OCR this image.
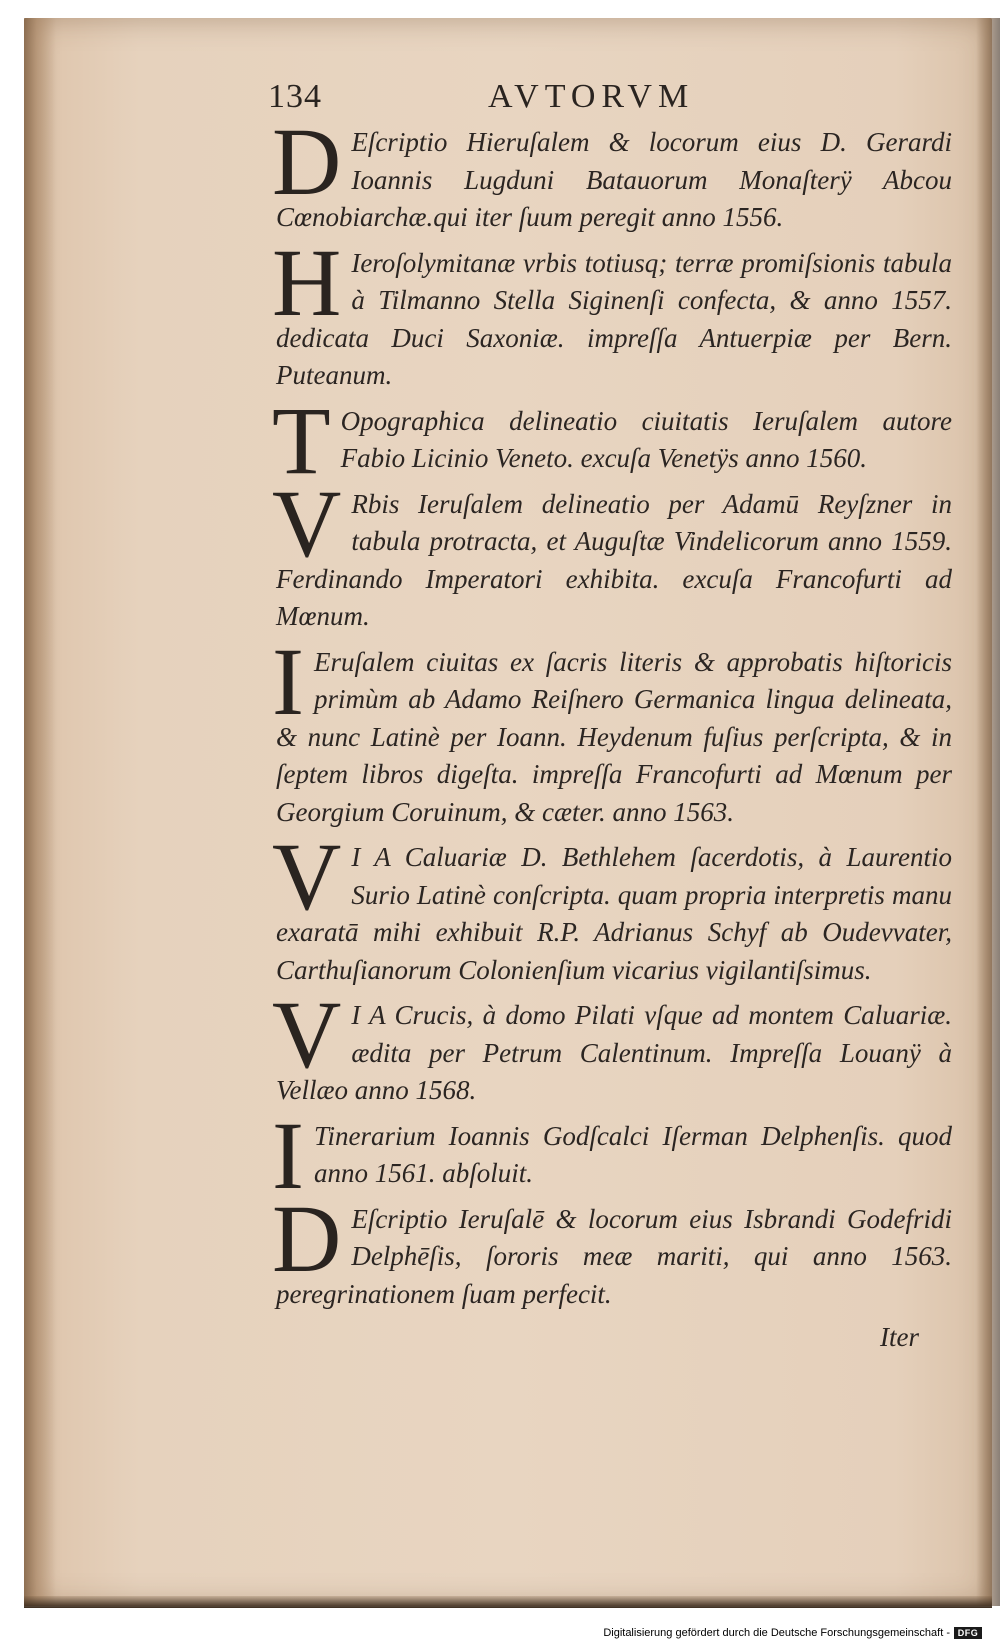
134	AVTORVM

D Eſcriptio Hieruſalem & locorum eius D. Gerardi Ioannis Lugduni Batauorum Monaſterÿ Abcou Cœnobiarchæ.qui iter ſuum peregit anno 1556.

H Ieroſolymitanæ vrbis totiusq; terræ promiſsionis tabula à Tilmanno Stella Siginenſi confecta, & anno 1557. dedicata Duci Saxoniæ. impreſſa Antuerpiæ per Bern. Puteanum.

T Opographica delineatio ciuitatis Ieruſalem autore Fabio Licinio Veneto. excuſa Venetÿs anno 1560.

V Rbis Ieruſalem delineatio per Adamū Reyſzner in tabula protracta, et Auguſtæ Vindelicorum anno 1559. Ferdinando Imperatori exhibita. excuſa Francofurti ad Mœnum.

I Eruſalem ciuitas ex ſacris literis & approbatis hiſtoricis primùm ab Adamo Reiſnero Germanica lingua delineata, & nunc Latinè per Ioann. Heydenum fuſius perſcripta, & in ſeptem libros digeſta. impreſſa Francofurti ad Mœnum per Georgium Coruinum, & cæter. anno 1563.

V I A Caluariæ D. Bethlehem ſacerdotis, à Laurentio Surio Latinè conſcripta. quam propria interpretis manu exaratā mihi exhibuit R.P. Adrianus Schyf ab Oudevvater, Carthuſianorum Colonienſium vicarius vigilantiſsimus.

V I A Crucis, à domo Pilati vſque ad montem Caluariæ. ædita per Petrum Calentinum. Impreſſa Louanÿ à Vellæo anno 1568.

I Tinerarium Ioannis Godſcalci Iſerman Delphenſis. quod anno 1561. abſoluit.

D Eſcriptio Ieruſalē & locorum eius Isbrandi Godefridi Delphēſis, ſororis meæ mariti, qui anno 1563. peregrinationem ſuam perfecit.

Iter
Digitalisierung gefördert durch die Deutsche Forschungsgemeinschaft - DFG
